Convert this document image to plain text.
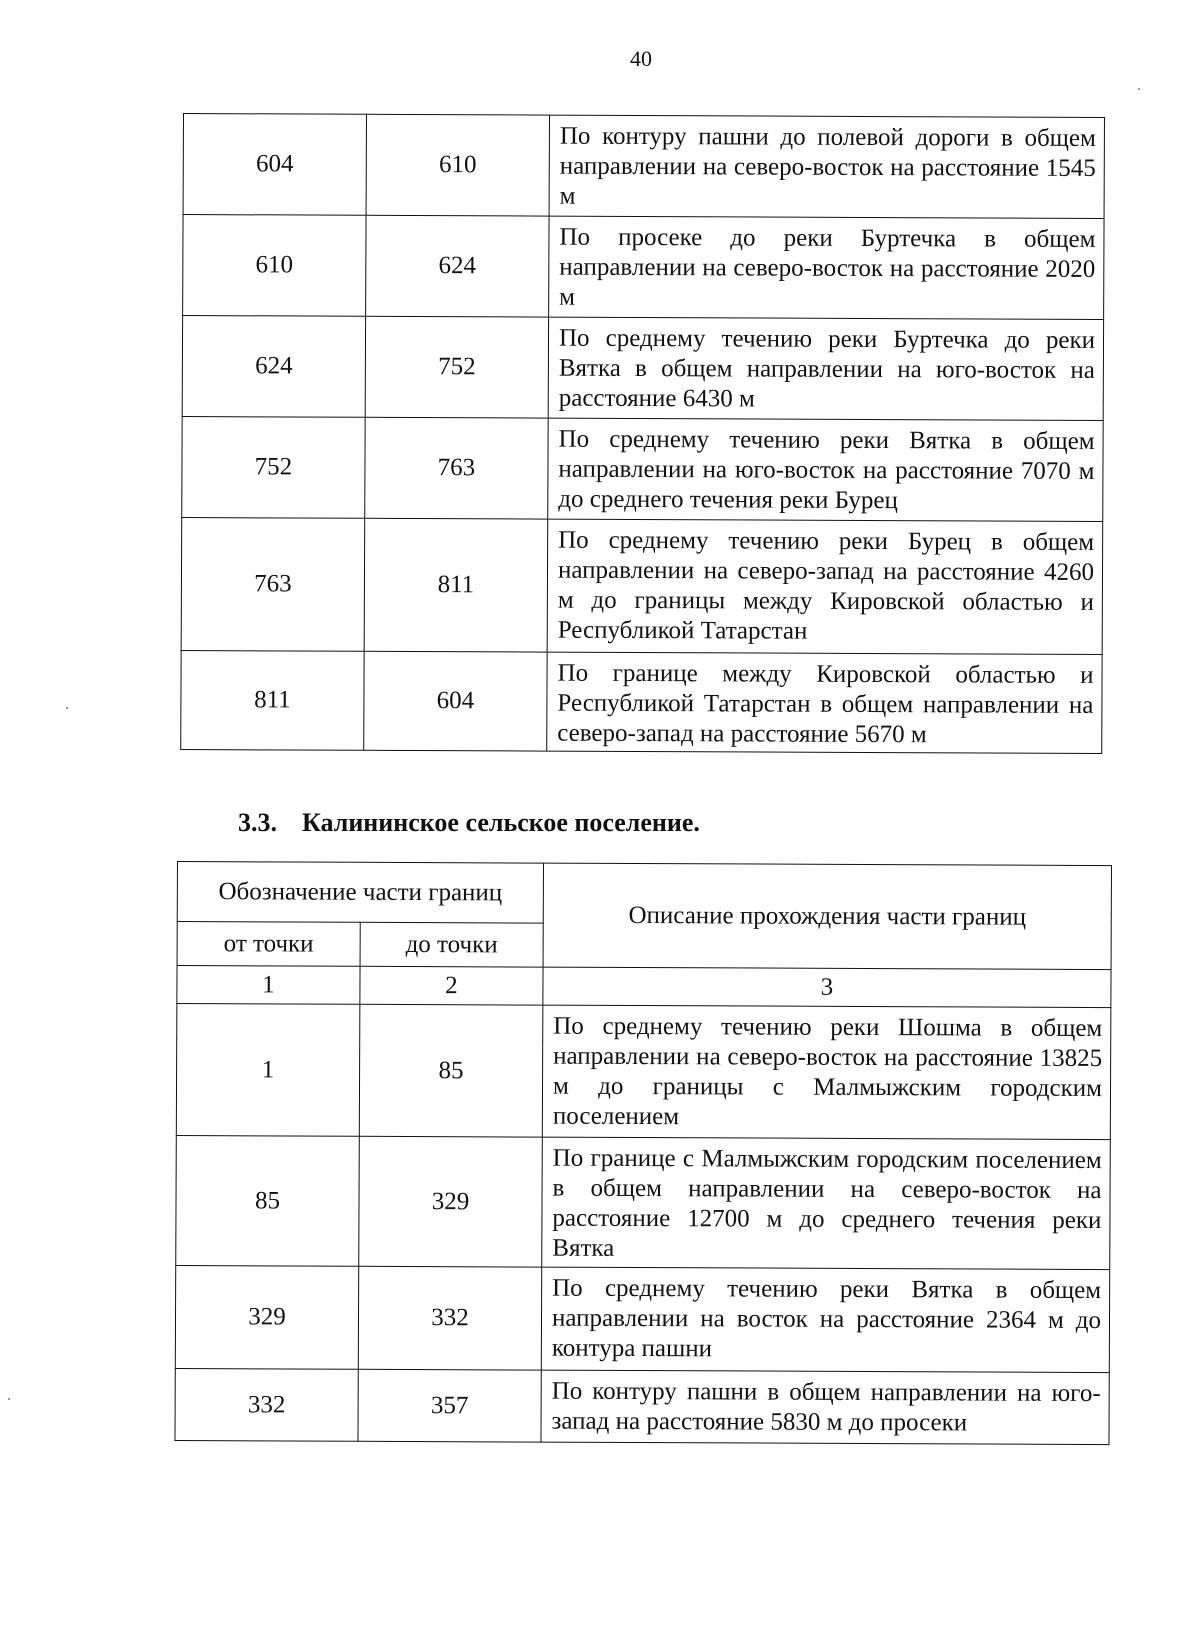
40
604	610	По контуру пашни до полевой дороги в общем направлении на северо-восток на расстояние 1545 м
610	624	По просеке до реки Буртечка в общем направлении на северо-восток на расстояние 2020 м
624	752	По среднему течению реки Буртечка до реки Вятка в общем направлении на юго-восток на расстояние 6430 м
752	763	По среднему течению реки Вятка в общем направлении на юго-восток на расстояние 7070 м до среднего течения реки Бурец
763	811	По среднему течению реки Бурец в общем направлении на северо-запад на расстояние 4260 м до границы между Кировской областью и Республикой Татарстан
811	604	По границе между Кировской областью и Республикой Татарстан в общем направлении на северо-запад на расстояние 5670 м
3.3. Калининское сельское поселение.
Обозначение части границ		Описание прохождения части границ
от точки	до точки	
1	2	3
1	85	По среднему течению реки Шошма в общем направлении на северо-восток на расстояние 13825 м до границы с Малмыжским городским поселением
85	329	По границе с Малмыжским городским поселением в общем направлении на северо-восток на расстояние 12700 м до среднего течения реки Вятка
329	332	По среднему течению реки Вятка в общем направлении на восток на расстояние 2364 м до контура пашни
332	357	По контуру пашни в общем направлении на юго-запад на расстояние 5830 м до просеки
